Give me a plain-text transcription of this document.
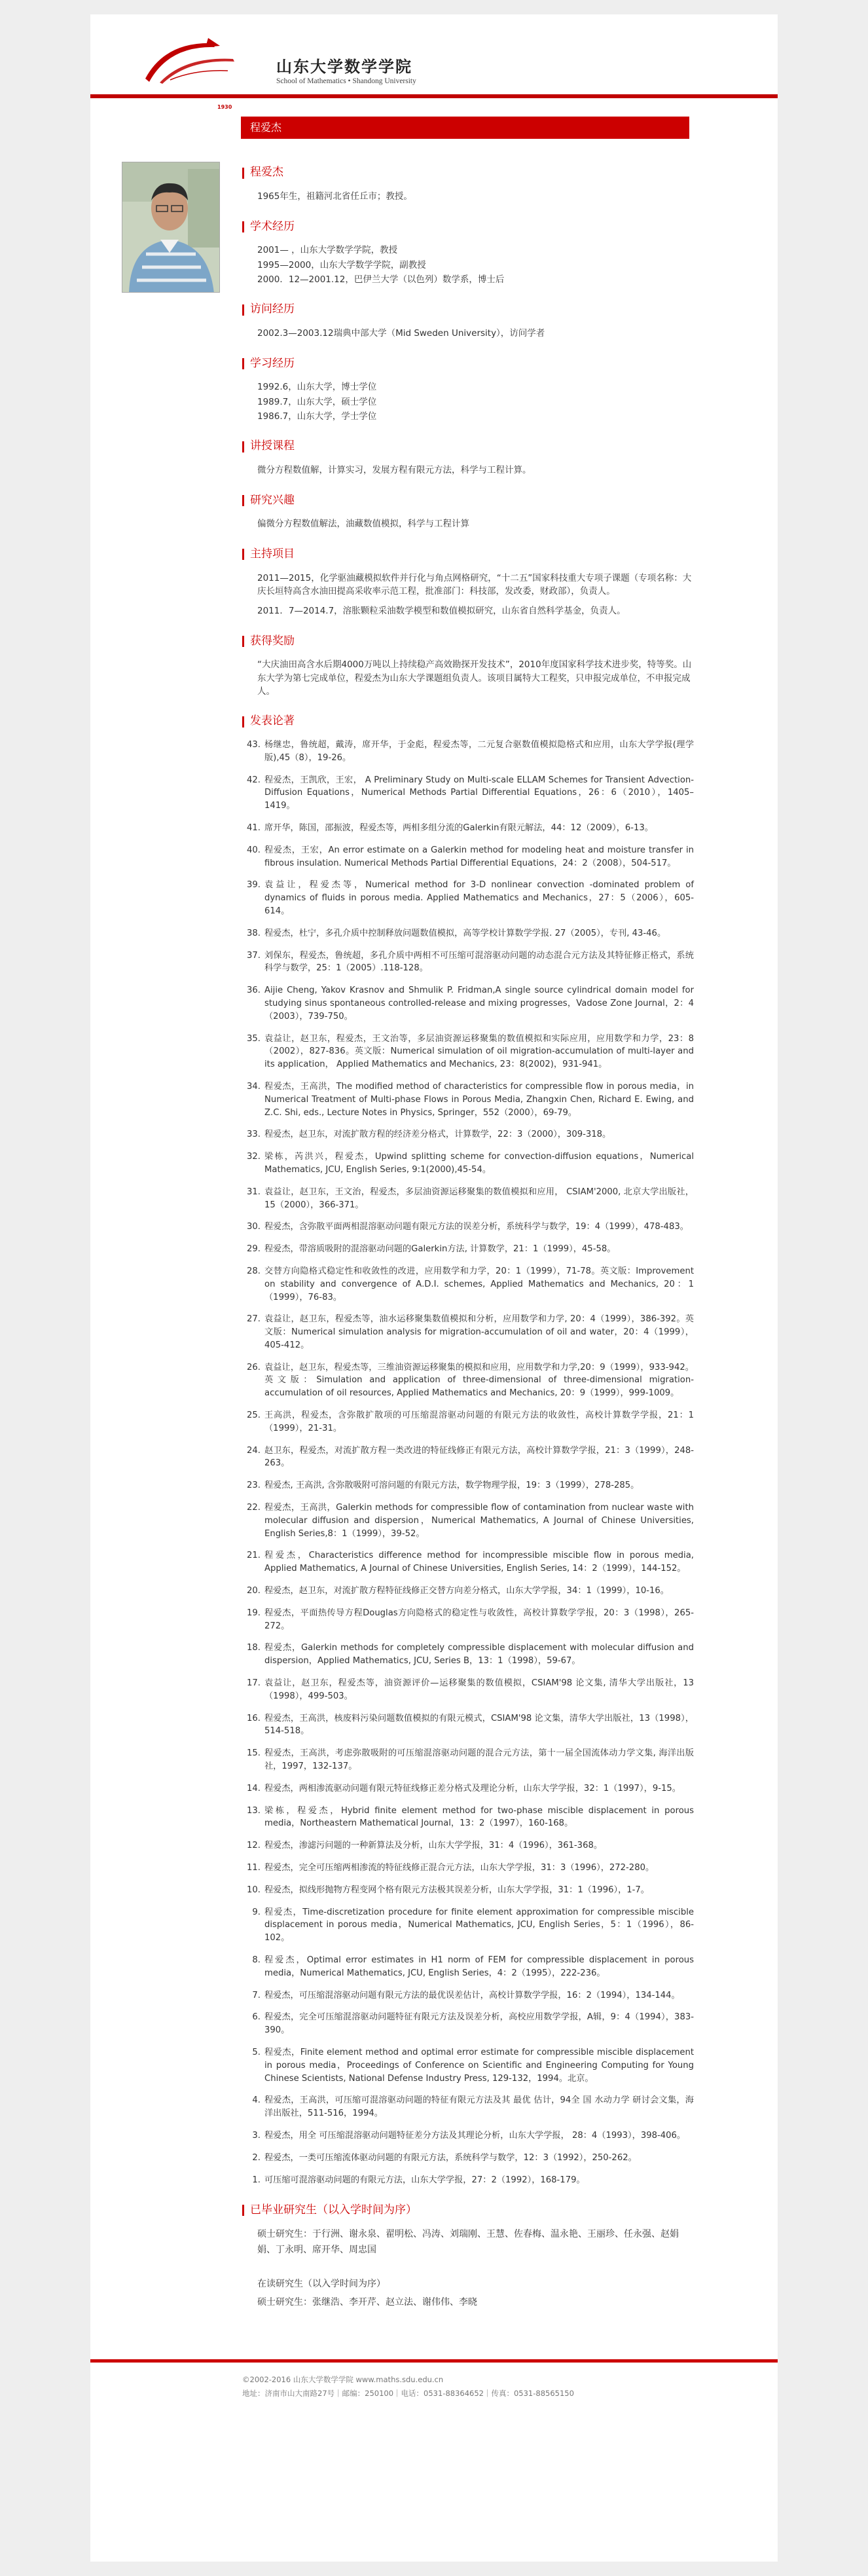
山东大学数学学院
School of Mathematics • Shandong University
1930
程爱杰
程爱杰

1965年生，祖籍河北省任丘市；教授。

学术经历

2001— ，山东大学数学学院，教授

1995—2000，山东大学数学学院，副教授

2000．12—2001.12，巴伊兰大学（以色列）数学系，博士后

访问经历

2002.3—2003.12瑞典中部大学（Mid Sweden University），访问学者

学习经历

1992.6，山东大学，博士学位

1989.7，山东大学，硕士学位

1986.7，山东大学，学士学位

讲授课程

微分方程数值解，计算实习，发展方程有限元方法，科学与工程计算。

研究兴趣

偏微分方程数值解法，油藏数值模拟，科学与工程计算

主持项目

2011—2015，化学驱油藏模拟软件并行化与角点网格研究，“十二五”国家科技重大专项子课题（专项名称：大庆长垣特高含水油田提高采收率示范工程，批准部门：科技部，发改委，财政部），负责人。

2011．7—2014.7，溶胀颗粒采油数学模型和数值模拟研究，山东省自然科学基金，负责人。

获得奖励

“大庆油田高含水后期4000万吨以上持续稳产高效勘探开发技术”，2010年度国家科学技术进步奖，特等奖。山东大学为第七完成单位，程爱杰为山东大学课题组负责人。该项目属特大工程奖，只申报完成单位，不申报完成人。

发表论著
43. 杨继忠，鲁统超，戴涛，席开华，于金彪，程爱杰等，二元复合驱数值模拟隐格式和应用，山东大学学报(理学版),45（8），19-26。
42. 程爱杰，王凯欣，王宏， A Preliminary Study on Multi-scale ELLAM Schemes for Transient Advection-Diffusion Equations，Numerical Methods Partial Differential Equations，26：6（2010），1405–1419。
41. 席开华，陈国，邵振波，程爱杰等，两相多组分流的Galerkin有限元解法，44：12（2009），6-13。
40. 程爱杰，王宏，An error estimate on a Galerkin method for modeling heat and moisture transfer in fibrous insulation. Numerical Methods Partial Differential Equations，24：2（2008），504-517。
39. 袁益让，程爱杰等，Numerical method for 3-D nonlinear convection -dominated problem of dynamics of fluids in porous media. Applied Mathematics and Mechanics，27：5（2006），605-614。
38. 程爱杰，杜宁，多孔介质中控制释放问题数值模拟，高等学校计算数学学报. 27（2005），专刊, 43-46。
37. 刘保东，程爱杰，鲁统超，多孔介质中两相不可压缩可混溶驱动问题的动态混合元方法及其特征修正格式，系统科学与数学，25：1（2005）.118-128。
36. Aijie Cheng, Yakov Krasnov and Shmulik P. Fridman,A single source cylindrical domain model for studying sinus spontaneous controlled-release and mixing progresses，Vadose Zone Journal，2：4（2003），739-750。
35. 袁益让，赵卫东，程爱杰，王文治等，多层油资源运移聚集的数值模拟和实际应用，应用数学和力学，23：8（2002），827-836。英文版：Numerical simulation of oil migration-accumulation of multi-layer and its application， Applied Mathematics and Mechanics, 23：8(2002)，931-941。
34. 程爱杰，王高洪，The modified method of characteristics for compressible flow in porous media，in Numerical Treatment of Multi-phase Flows in Porous Media, Zhangxin Chen, Richard E. Ewing, and Z.C. Shi, eds., Lecture Notes in Physics, Springer，552（2000），69-79。
33. 程爱杰，赵卫东，对流扩散方程的经济差分格式，计算数学，22：3（2000），309-318。
32. 梁栋，芮洪兴，程爱杰，Upwind splitting scheme for convection-diffusion equations，Numerical Mathematics, JCU, English Series, 9:1(2000),45-54。
31. 袁益让，赵卫东，王文治，程爱杰，多层油资源运移聚集的数值模拟和应用， CSIAM'2000, 北京大学出版社，15（2000），366-371。
30. 程爱杰，含弥散平面两相混溶驱动问题有限元方法的误差分析，系统科学与数学，19：4（1999），478-483。
29. 程爱杰，带溶质吸附的混溶驱动问题的Galerkin方法, 计算数学，21：1（1999），45-58。
28. 交替方向隐格式稳定性和收敛性的改进，应用数学和力学，20：1（1999），71-78。英文版：Improvement on stability and convergence of A.D.I. schemes, Applied Mathematics and Mechanics, 20：1（1999），76-83。
27. 袁益让，赵卫东，程爱杰等，油水运移聚集数值模拟和分析，应用数学和力学, 20：4（1999），386-392。英文版：Numerical simulation analysis for migration-accumulation of oil and water，20：4（1999），405-412。
26. 袁益让，赵卫东，程爱杰等，三维油资源运移聚集的模拟和应用，应用数学和力学,20：9（1999），933-942。英文版：Simulation and application of three-dimensional of three-dimensional migration-accumulation of oil resources, Applied Mathematics and Mechanics, 20：9（1999），999-1009。
25. 王高洪，程爱杰，含弥散扩散项的可压缩混溶驱动问题的有限元方法的收敛性，高校计算数学学报，21：1（1999），21-31。
24. 赵卫东，程爱杰，对流扩散方程一类改进的特征线修正有限元方法，高校计算数学学报，21：3（1999），248-263。
23. 程爱杰, 王高洪, 含弥散吸附可溶问题的有限元方法，数学物理学报，19：3（1999），278-285。
22. 程爱杰，王高洪，Galerkin methods for compressible flow of contamination from nuclear waste with molecular diffusion and dispersion，Numerical Mathematics, A Journal of Chinese Universities, English Series,8：1（1999），39-52。
21. 程爱杰，Characteristics difference method for incompressible miscible flow in porous media, Applied Mathematics, A Journal of Chinese Universities, English Series, 14：2（1999），144-152。
20. 程爱杰，赵卫东，对流扩散方程特征线修正交替方向差分格式，山东大学学报，34：1（1999），10-16。
19. 程爱杰，平面热传导方程Douglas方向隐格式的稳定性与收敛性，高校计算数学学报，20：3（1998），265-272。
18. 程爱杰，Galerkin methods for completely compressible displacement with molecular diffusion and dispersion，Applied Mathematics, JCU, Series B，13：1（1998），59-67。
17. 袁益让，赵卫东，程爱杰等，油资源评价—运移聚集的数值模拟，CSIAM'98 论文集, 清华大学出版社，13（1998），499-503。
16. 程爱杰，王高洪，核废料污染问题数值模拟的有限元模式，CSIAM'98 论文集，清华大学出版社，13（1998），514-518。
15. 程爱杰，王高洪，考虑弥散吸附的可压缩混溶驱动问题的混合元方法，第十一届全国流体动力学文集, 海洋出版社，1997，132-137。
14. 程爱杰，两相渗流驱动问题有限元特征线修正差分格式及理论分析，山东大学学报，32：1（1997），9-15。
13. 梁栋，程爱杰，Hybrid finite element method for two-phase miscible displacement in porous media，Northeastern Mathematical Journal，13：2（1997），160-168。
12. 程爱杰，渗滤污问题的一种新算法及分析，山东大学学报，31：4（1996），361-368。
11. 程爱杰，完全可压缩两相渗流的特征线修正混合元方法，山东大学学报，31：3（1996），272-280。
10. 程爱杰，拟线形抛物方程变网个格有限元方法极其误差分析，山东大学学报，31：1（1996），1-7。
9. 程爱杰，Time-discretization procedure for finite element approximation for compressible miscible displacement in porous media，Numerical Mathematics, JCU, English Series，5：1（1996），86-102。
8. 程爱杰，Optimal error estimates in H1 norm of FEM for compressible displacement in porous media，Numerical Mathematics, JCU, English Series，4：2（1995），222-236。
7. 程爱杰，可压缩混溶驱动问题有限元方法的最优误差估计，高校计算数学学报，16：2（1994），134-144。
6. 程爱杰，完全可压缩混溶驱动问题特征有限元方法及误差分析，高校应用数学学报，A辑，9：4（1994），383-390。
5. 程爱杰，Finite element method and optimal error estimate for compressible miscible displacement in porous media，Proceedings of Conference on Scientific and Engineering Computing for Young Chinese Scientists, National Defense Industry Press, 129-132，1994。北京。
4. 程爱杰，王高洪，可压缩可混溶驱动问题的特征有限元方法及其 最优 估计，94全 国 水动力学 研讨会文集，海洋出版社，511-516，1994。
3. 程爱杰，用全 可压缩混溶驱动问题特征差分方法及其理论分析，山东大学学报， 28：4（1993），398-406。
2. 程爱杰，一类可压缩流体驱动问题的有限元方法，系统科学与数学，12：3（1992），250-262。
1. 可压缩可混溶驱动问题的有限元方法，山东大学学报，27：2（1992），168-179。
已毕业研究生（以入学时间为序）

硕士研究生：于行洲、谢永泉、翟明松、冯涛、刘瑞刚、王慧、佐春梅、温永艳、王丽珍、任永强、赵娟娟、丁永明、席开华、周忠国

在读研究生（以入学时间为序）

硕士研究生：张继浩、李开芹、赵立法、谢伟伟、李晓

©2002-2016 山东大学数学学院 www.maths.sdu.edu.cn
地址：济南市山大南路27号｜邮编：250100｜电话：0531-88364652｜传真：0531-88565150
